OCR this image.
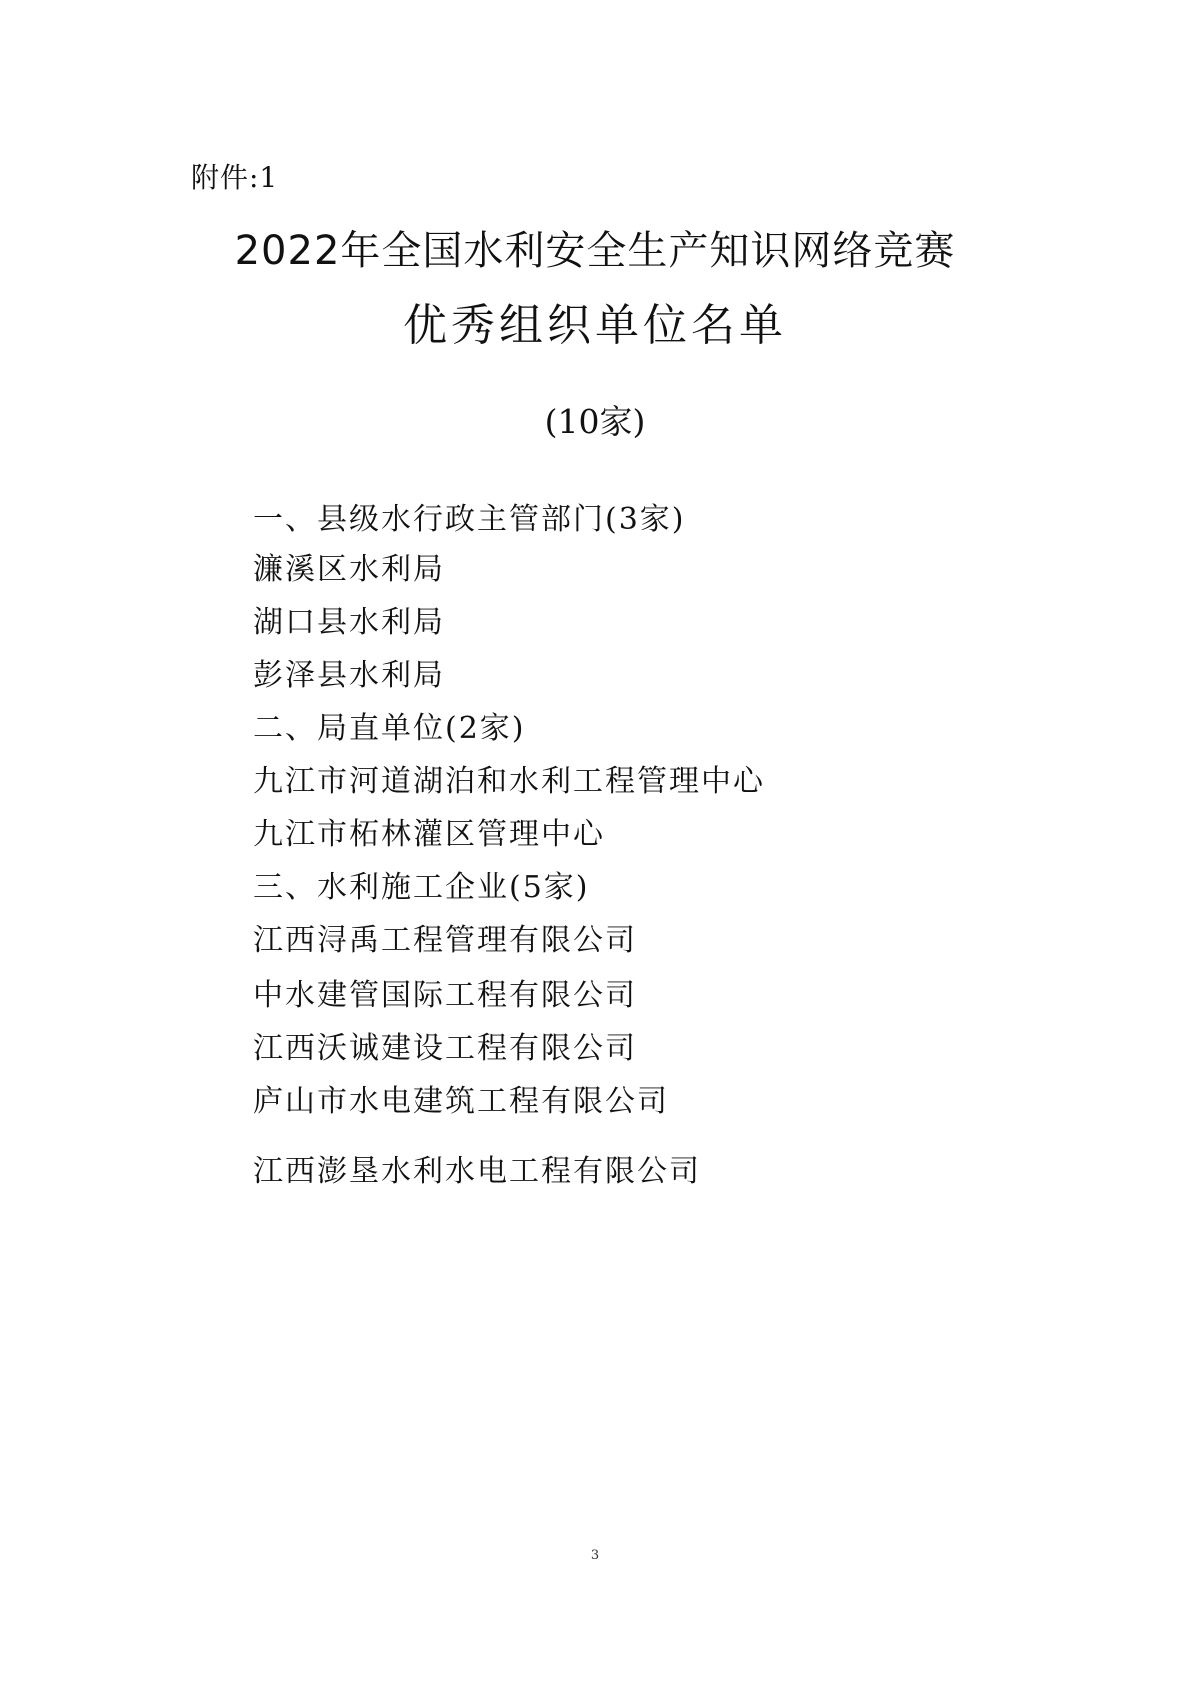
附件:1
2022年全国水利安全生产知识网络竞赛
优秀组织单位名单
(10家)
一、县级水行政主管部门(3家)
濂溪区水利局
湖口县水利局
彭泽县水利局
二、局直单位(2家)
九江市河道湖泊和水利工程管理中心
九江市柘林灌区管理中心
三、水利施工企业(5家)
江西浔禹工程管理有限公司
中水建管国际工程有限公司
江西沃诚建设工程有限公司
庐山市水电建筑工程有限公司
江西澎垦水利水电工程有限公司
3
